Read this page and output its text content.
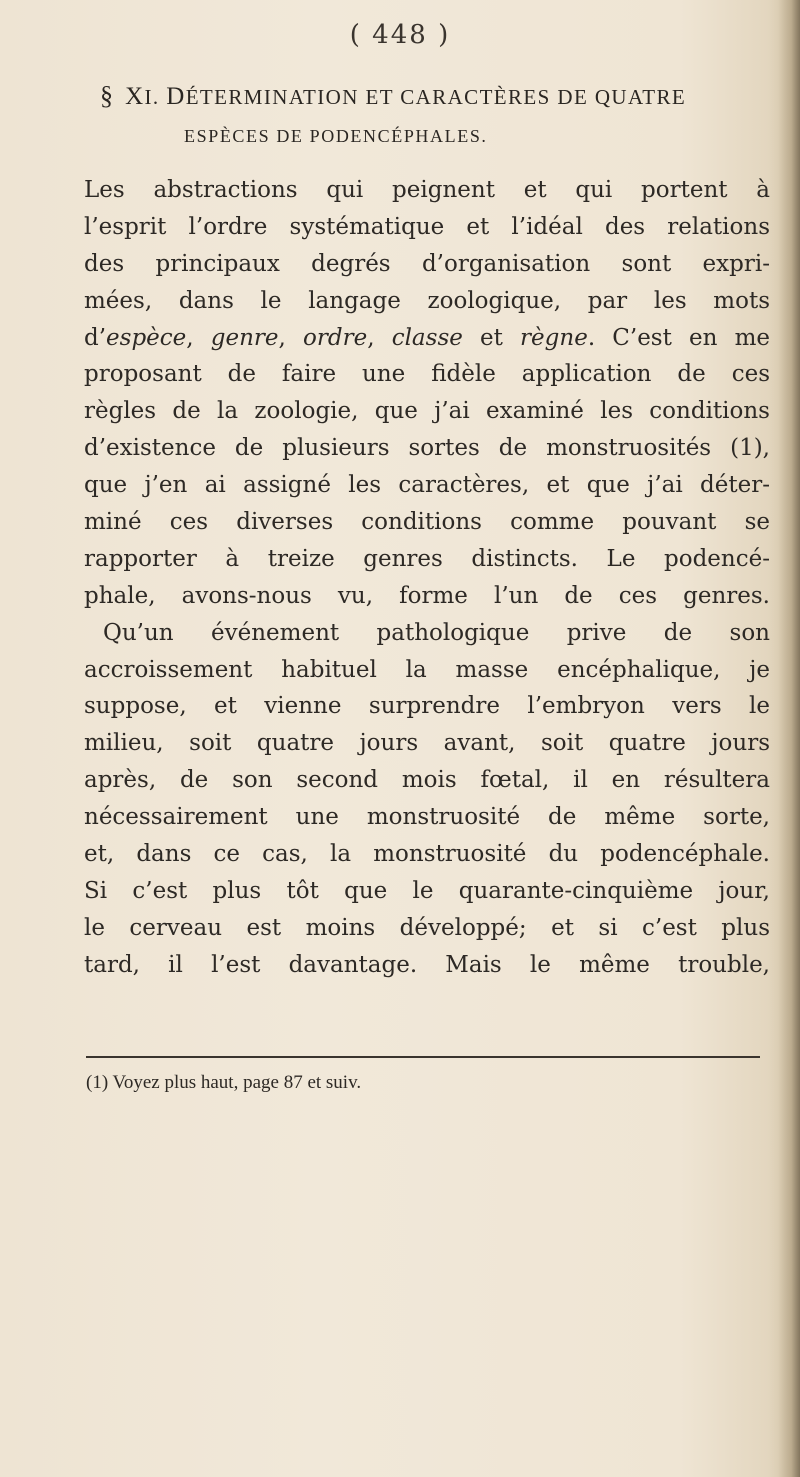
( 448 )
§ XI. DÉTERMINATION ET CARACTÈRES DE QUATRE
ESPÈCES DE PODENCÉPHALES.
Les abstractions qui peignent et qui portent à
l’esprit l’ordre systématique et l’idéal des relations
des principaux degrés d’organisation sont expri-
mées, dans le langage zoologique, par les mots
d’espèce, genre, ordre, classe et règne. C’est en me
proposant de faire une fidèle application de ces
règles de la zoologie, que j’ai examiné les conditions
d’existence de plusieurs sortes de monstruosités (1),
que j’en ai assigné les caractères, et que j’ai déter-
miné ces diverses conditions comme pouvant se
rapporter à treize genres distincts. Le podencé-
phale, avons-nous vu, forme l’un de ces genres.
Qu’un événement pathologique prive de son
accroissement habituel la masse encéphalique, je
suppose, et vienne surprendre l’embryon vers le
milieu, soit quatre jours avant, soit quatre jours
après, de son second mois fœtal, il en résultera
nécessairement une monstruosité de même sorte,
et, dans ce cas, la monstruosité du podencéphale.
Si c’est plus tôt que le quarante-cinquième jour,
le cerveau est moins développé; et si c’est plus
tard, il l’est davantage. Mais le même trouble,
(1) Voyez plus haut, page 87 et suiv.
